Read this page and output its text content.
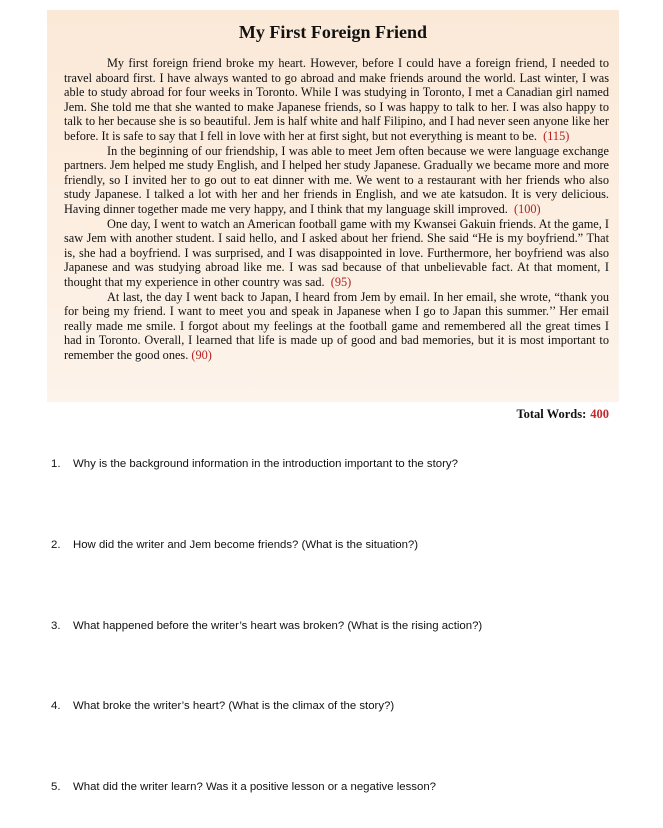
My First Foreign Friend

My first foreign friend broke my heart. However, before I could have a foreign friend, I needed to travel aboard first. I have always wanted to go abroad and make friends around the world. Last winter, I was able to study abroad for four weeks in Toronto. While I was studying in Toronto, I met a Canadian girl named Jem. She told me that she wanted to make Japanese friends, so I was happy to talk to her. I was also happy to talk to her because she is so beautiful. Jem is half white and half Filipino, and I had never seen anyone like her before. It is safe to say that I fell in love with her at first sight, but not everything is meant to be. (115)

In the beginning of our friendship, I was able to meet Jem often because we were language exchange partners. Jem helped me study English, and I helped her study Japanese. Gradually we became more and more friendly, so I invited her to go out to eat dinner with me. We went to a restaurant with her friends who also study Japanese. I talked a lot with her and her friends in English, and we ate katsudon. It is very delicious. Having dinner together made me very happy, and I think that my language skill improved. (100)

One day, I went to watch an American football game with my Kwansei Gakuin friends. At the game, I saw Jem with another student. I said hello, and I asked about her friend. She said “He is my boyfriend.” That is, she had a boyfriend. I was surprised, and I was disappointed in love. Furthermore, her boyfriend was also Japanese and was studying abroad like me. I was sad because of that unbelievable fact. At that moment, I thought that my experience in other country was sad. (95)

At last, the day I went back to Japan, I heard from Jem by email. In her email, she wrote, “thank you for being my friend. I want to meet you and speak in Japanese when I go to Japan this summer.’’ Her email really made me smile. I forgot about my feelings at the football game and remembered all the great times I had in Toronto. Overall, I learned that life is made up of good and bad memories, but it is most important to remember the good ones. (90)

Total Words: 400
1. Why is the background information in the introduction important to the story?
2. How did the writer and Jem become friends? (What is the situation?)
3. What happened before the writer’s heart was broken? (What is the rising action?)
4. What broke the writer’s heart? (What is the climax of the story?)
5. What did the writer learn? Was it a positive lesson or a negative lesson?
